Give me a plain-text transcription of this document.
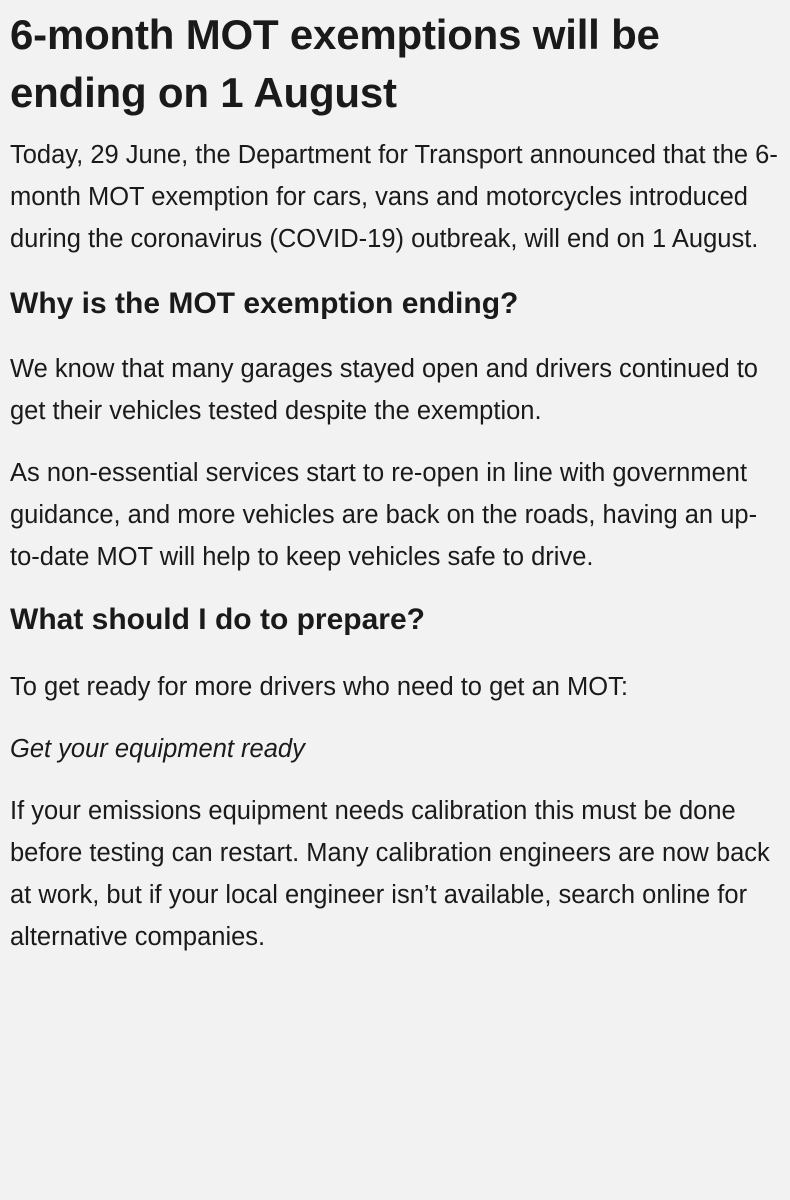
6-month MOT exemptions will be ending on 1 August

Today, 29 June, the Department for Transport announced that the 6-month MOT exemption for cars, vans and motorcycles introduced during the coronavirus (COVID-19) outbreak, will end on 1 August.

Why is the MOT exemption ending?

We know that many garages stayed open and drivers continued to get their vehicles tested despite the exemption.

As non-essential services start to re-open in line with government guidance, and more vehicles are back on the roads, having an up-to-date MOT will help to keep vehicles safe to drive.

What should I do to prepare?

To get ready for more drivers who need to get an MOT:

Get your equipment ready

If your emissions equipment needs calibration this must be done before testing can restart. Many calibration engineers are now back at work, but if your local engineer isn’t available, search online for alternative companies.
